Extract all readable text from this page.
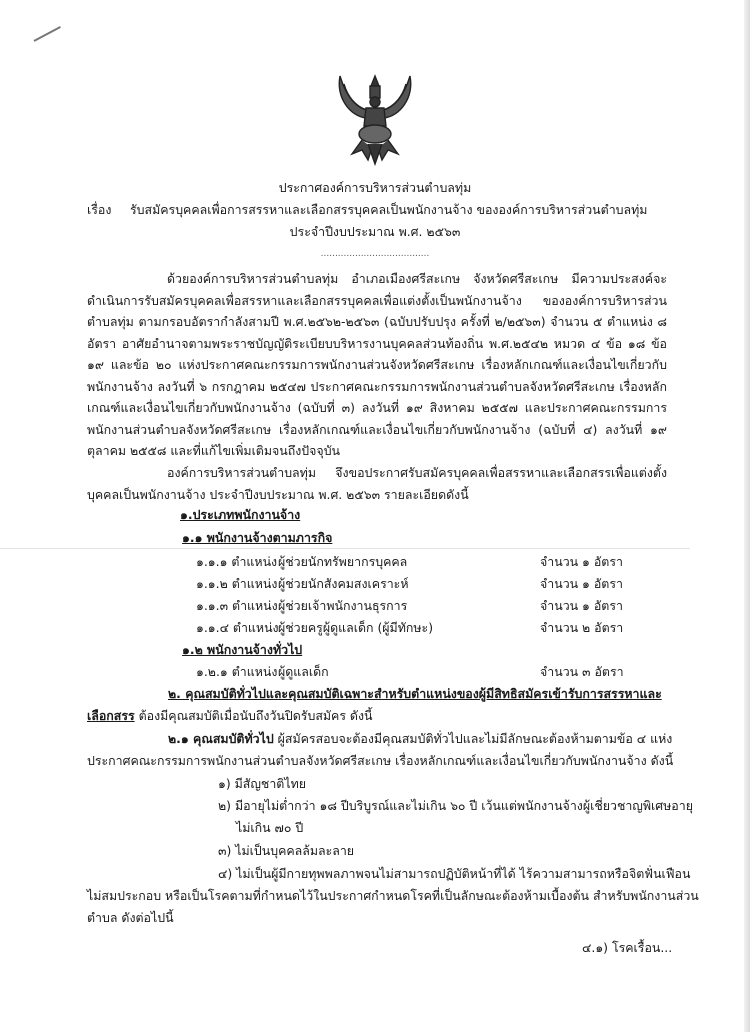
ประกาศองค์การบริหารส่วนตำบลทุ่ม
เรื่อง รับสมัครบุคคลเพื่อการสรรหาและเลือกสรรบุคคลเป็นพนักงานจ้าง ขององค์การบริหารส่วนตำบลทุ่ม
ประจำปีงบประมาณ พ.ศ. ๒๕๖๓
......................................
ด้วยองค์การบริหารส่วนตำบลทุ่ม อำเภอเมืองศรีสะเกษ จังหวัดศรีสะเกษ มีความประสงค์จะดำเนินการรับสมัครบุคคลเพื่อสรรหาและเลือกสรรบุคคลเพื่อแต่งตั้งเป็นพนักงานจ้าง ขององค์การบริหารส่วนตำบลทุ่ม ตามกรอบอัตรากำลังสามปี พ.ศ.๒๕๖๒-๒๕๖๓ (ฉบับปรับปรุง ครั้งที่ ๒/๒๕๖๓) จำนวน ๕ ตำแหน่ง ๘ อัตรา อาศัยอำนาจตามพระราชบัญญัติระเบียบบริหารงานบุคคลส่วนท้องถิ่น พ.ศ.๒๕๔๒ หมวด ๔ ข้อ ๑๘ ข้อ ๑๙ และข้อ ๒๐ แห่งประกาศคณะกรรมการพนักงานส่วนจังหวัดศรีสะเกษ เรื่องหลักเกณฑ์และเงื่อนไขเกี่ยวกับพนักงานจ้าง ลงวันที่ ๖ กรกฎาคม ๒๕๔๗ ประกาศคณะกรรมการพนักงานส่วนตำบลจังหวัดศรีสะเกษ เรื่องหลักเกณฑ์และเงื่อนไขเกี่ยวกับพนักงานจ้าง (ฉบับที่ ๓) ลงวันที่ ๑๙ สิงหาคม ๒๕๕๗ และประกาศคณะกรรมการพนักงานส่วนตำบลจังหวัดศรีสะเกษ เรื่องหลักเกณฑ์และเงื่อนไขเกี่ยวกับพนักงานจ้าง (ฉบับที่ ๔) ลงวันที่ ๑๙ ตุลาคม ๒๕๕๘ และที่แก้ไขเพิ่มเติมจนถึงปัจจุบัน
องค์การบริหารส่วนตำบลทุ่ม จึงขอประกาศรับสมัครบุคคลเพื่อสรรหาและเลือกสรรเพื่อแต่งตั้งบุคคลเป็นพนักงานจ้าง ประจำปีงบประมาณ พ.ศ. ๒๕๖๓ รายละเอียดดังนี้
๑.ประเภทพนักงานจ้าง
๑.๑ พนักงานจ้างตามภารกิจ
๑.๑.๑ ตำแหน่ง ผู้ช่วยนักทรัพยากรบุคคล	จำนวน ๑ อัตรา
๑.๑.๒ ตำแหน่ง ผู้ช่วยนักสังคมสงเคราะห์	จำนวน ๑ อัตรา
๑.๑.๓ ตำแหน่ง ผู้ช่วยเจ้าพนักงานธุรการ	จำนวน ๑ อัตรา
๑.๑.๔ ตำแหน่ง ผู้ช่วยครูผู้ดูแลเด็ก (ผู้มีทักษะ)	จำนวน ๒ อัตรา
๑.๒ พนักงานจ้างทั่วไป
๑.๒.๑ ตำแหน่ง ผู้ดูแลเด็ก	จำนวน ๓ อัตรา
๒. คุณสมบัติทั่วไปและคุณสมบัติเฉพาะสำหรับตำแหน่งของผู้มีสิทธิสมัครเข้ารับการสรรหาและ
เลือกสรร ต้องมีคุณสมบัติเมื่อนับถึงวันปิดรับสมัคร ดังนี้
๒.๑ คุณสมบัติทั่วไป ผู้สมัครสอบจะต้องมีคุณสมบัติทั่วไปและไม่มีลักษณะต้องห้ามตามข้อ ๔ แห่ง
ประกาศคณะกรรมการพนักงานส่วนตำบลจังหวัดศรีสะเกษ เรื่องหลักเกณฑ์และเงื่อนไขเกี่ยวกับพนักงานจ้าง ดังนี้
๑) มีสัญชาติไทย
๒) มีอายุไม่ต่ำกว่า ๑๘ ปีบริบูรณ์และไม่เกิน ๖๐ ปี เว้นแต่พนักงานจ้างผู้เชี่ยวชาญพิเศษอายุ
ไม่เกิน ๗๐ ปี
๓) ไม่เป็นบุคคลล้มละลาย
๔) ไม่เป็นผู้มีกายทุพพลภาพจนไม่สามารถปฏิบัติหน้าที่ได้ ไร้ความสามารถหรือจิตฟั่นเฟือน
ไม่สมประกอบ หรือเป็นโรคตามที่กำหนดไว้ในประกาศกำหนดโรคที่เป็นลักษณะต้องห้ามเบื้องต้น สำหรับพนักงานส่วน
ตำบล ดังต่อไปนี้
๔.๑) โรคเรื้อน...
